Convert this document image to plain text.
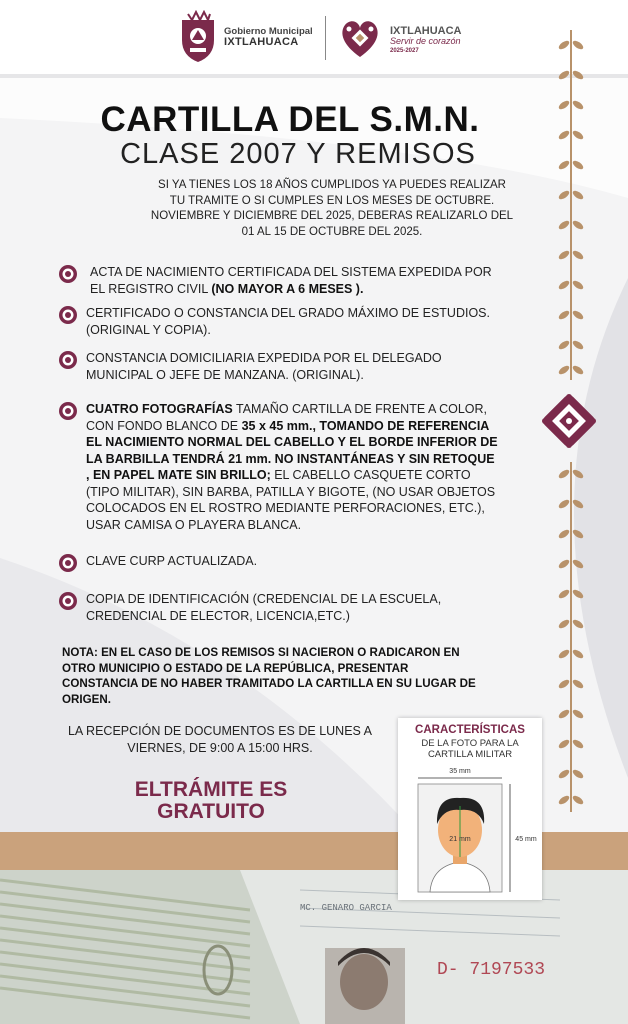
Gobierno Municipal
IXTLAHUACA
IXTLAHUACA
Servir de corazón
2025-2027
CARTILLA DEL S.M.N.
CLASE 2007 Y REMISOS
SI YA TIENES LOS 18 AÑOS CUMPLIDOS YA PUEDES REALIZAR TU TRAMITE O SI CUMPLES EN LOS MESES DE OCTUBRE. NOVIEMBRE Y DICIEMBRE DEL 2025, DEBERAS REALIZARLO DEL 01 AL 15 DE OCTUBRE DEL 2025.
ACTA DE NACIMIENTO CERTIFICADA DEL SISTEMA EXPEDIDA POR EL REGISTRO CIVIL (NO MAYOR A 6 MESES ).
CERTIFICADO O CONSTANCIA DEL GRADO MÁXIMO DE ESTUDIOS. (ORIGINAL Y COPIA).
CONSTANCIA DOMICILIARIA EXPEDIDA POR EL DELEGADO MUNICIPAL O JEFE DE MANZANA. (ORIGINAL).
CUATRO FOTOGRAFÍAS TAMAÑO CARTILLA DE FRENTE A COLOR, CON FONDO BLANCO DE 35 x 45 mm., TOMANDO DE REFERENCIA EL NACIMIENTO NORMAL DEL CABELLO Y EL BORDE INFERIOR DE LA BARBILLA TENDRÁ 21 mm. NO INSTANTÁNEAS Y SIN RETOQUE , EN PAPEL MATE SIN BRILLO; EL CABELLO CASQUETE CORTO (TIPO MILITAR), SIN BARBA, PATILLA Y BIGOTE, (NO USAR OBJETOS COLOCADOS EN EL ROSTRO MEDIANTE PERFORACIONES, ETC.), USAR CAMISA O PLAYERA BLANCA.
CLAVE CURP ACTUALIZADA.
COPIA DE IDENTIFICACIÓN (CREDENCIAL DE LA ESCUELA, CREDENCIAL DE ELECTOR, LICENCIA,ETC.)
NOTA: EN EL CASO DE LOS REMISOS SI NACIERON O RADICARON EN OTRO MUNICIPIO O ESTADO DE LA REPÚBLICA, PRESENTAR CONSTANCIA DE NO HABER TRAMITADO LA CARTILLA EN SU LUGAR DE ORIGEN.
LA RECEPCIÓN DE DOCUMENTOS ES DE LUNES A VIERNES, DE 9:00 A 15:00 HRS.
ELTRÁMITE ES
GRATUITO
MC. GENARO GARCIA
D- 7197533
CARACTERÍSTICAS
DE LA FOTO PARA LA
CARTILLA MILITAR
35 mm
21 mm	45 mm
